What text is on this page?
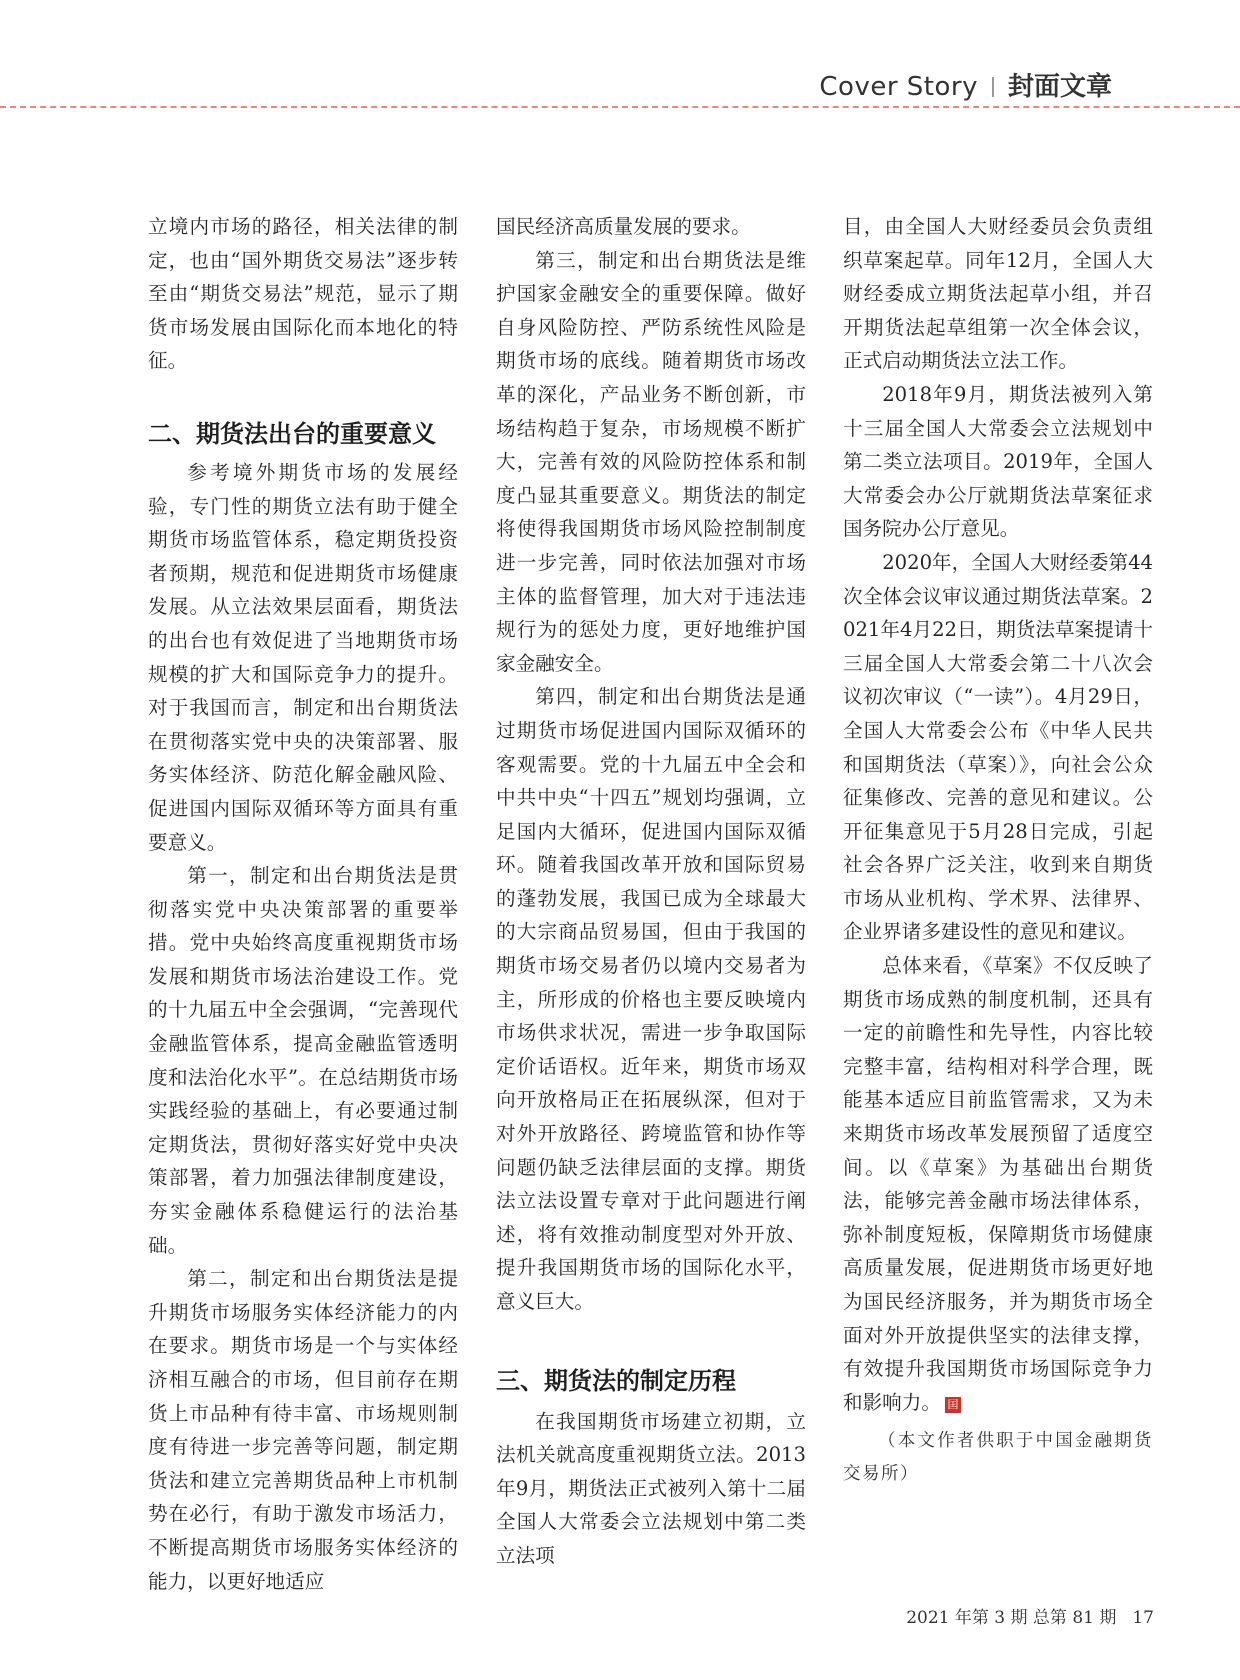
Cover Story 封面文章

立境内市场的路径，相关法律的制定，也由“国外期货交易法”逐步转至由“期货交易法”规范，显示了期货市场发展由国际化而本地化的特征。

二、期货法出台的重要意义

参考境外期货市场的发展经验，专门性的期货立法有助于健全期货市场监管体系，稳定期货投资者预期，规范和促进期货市场健康发展。从立法效果层面看，期货法的出台也有效促进了当地期货市场规模的扩大和国际竞争力的提升。对于我国而言，制定和出台期货法在贯彻落实党中央的决策部署、服务实体经济、防范化解金融风险、促进国内国际双循环等方面具有重要意义。

第一，制定和出台期货法是贯彻落实党中央决策部署的重要举措。党中央始终高度重视期货市场发展和期货市场法治建设工作。党的十九届五中全会强调，“完善现代金融监管体系，提高金融监管透明度和法治化水平”。在总结期货市场实践经验的基础上，有必要通过制定期货法，贯彻好落实好党中央决策部署，着力加强法律制度建设，夯实金融体系稳健运行的法治基础。

第二，制定和出台期货法是提升期货市场服务实体经济能力的内在要求。期货市场是一个与实体经济相互融合的市场，但目前存在期货上市品种有待丰富、市场规则制度有待进一步完善等问题，制定期货法和建立完善期货品种上市机制势在必行，有助于激发市场活力，不断提高期货市场服务实体经济的能力，以更好地适应

国民经济高质量发展的要求。

第三，制定和出台期货法是维护国家金融安全的重要保障。做好自身风险防控、严防系统性风险是期货市场的底线。随着期货市场改革的深化，产品业务不断创新，市场结构趋于复杂，市场规模不断扩大，完善有效的风险防控体系和制度凸显其重要意义。期货法的制定将使得我国期货市场风险控制制度进一步完善，同时依法加强对市场主体的监督管理，加大对于违法违规行为的惩处力度，更好地维护国家金融安全。

第四，制定和出台期货法是通过期货市场促进国内国际双循环的客观需要。党的十九届五中全会和中共中央“十四五”规划均强调，立足国内大循环，促进国内国际双循环。随着我国改革开放和国际贸易的蓬勃发展，我国已成为全球最大的大宗商品贸易国，但由于我国的期货市场交易者仍以境内交易者为主，所形成的价格也主要反映境内市场供求状况，需进一步争取国际定价话语权。近年来，期货市场双向开放格局正在拓展纵深，但对于对外开放路径、跨境监管和协作等问题仍缺乏法律层面的支撑。期货法立法设置专章对于此问题进行阐述，将有效推动制度型对外开放、提升我国期货市场的国际化水平，意义巨大。

三、期货法的制定历程

在我国期货市场建立初期，立法机关就高度重视期货立法。2013年9月，期货法正式被列入第十二届全国人大常委会立法规划中第二类立法项

目，由全国人大财经委员会负责组织草案起草。同年12月，全国人大财经委成立期货法起草小组，并召开期货法起草组第一次全体会议，正式启动期货法立法工作。

2018年9月，期货法被列入第十三届全国人大常委会立法规划中第二类立法项目。2019年，全国人大常委会办公厅就期货法草案征求国务院办公厅意见。

2020年，全国人大财经委第44次全体会议审议通过期货法草案。2021年4月22日，期货法草案提请十三届全国人大常委会第二十八次会议初次审议（“一读”）。4月29日，全国人大常委会公布《中华人民共和国期货法（草案）》，向社会公众征集修改、完善的意见和建议。公开征集意见于5月28日完成，引起社会各界广泛关注，收到来自期货市场从业机构、学术界、法律界、企业界诸多建设性的意见和建议。

总体来看，《草案》不仅反映了期货市场成熟的制度机制，还具有一定的前瞻性和先导性，内容比较完整丰富，结构相对科学合理，既能基本适应目前监管需求，又为未来期货市场改革发展预留了适度空间。以《草案》为基础出台期货法，能够完善金融市场法律体系，弥补制度短板，保障期货市场健康高质量发展，促进期货市场更好地为国民经济服务，并为期货市场全面对外开放提供坚实的法律支撑，有效提升我国期货市场国际竞争力和影响力。 囯

（本文作者供职于中国金融期货交易所）
2021 年第 3 期 总第 81 期 17
